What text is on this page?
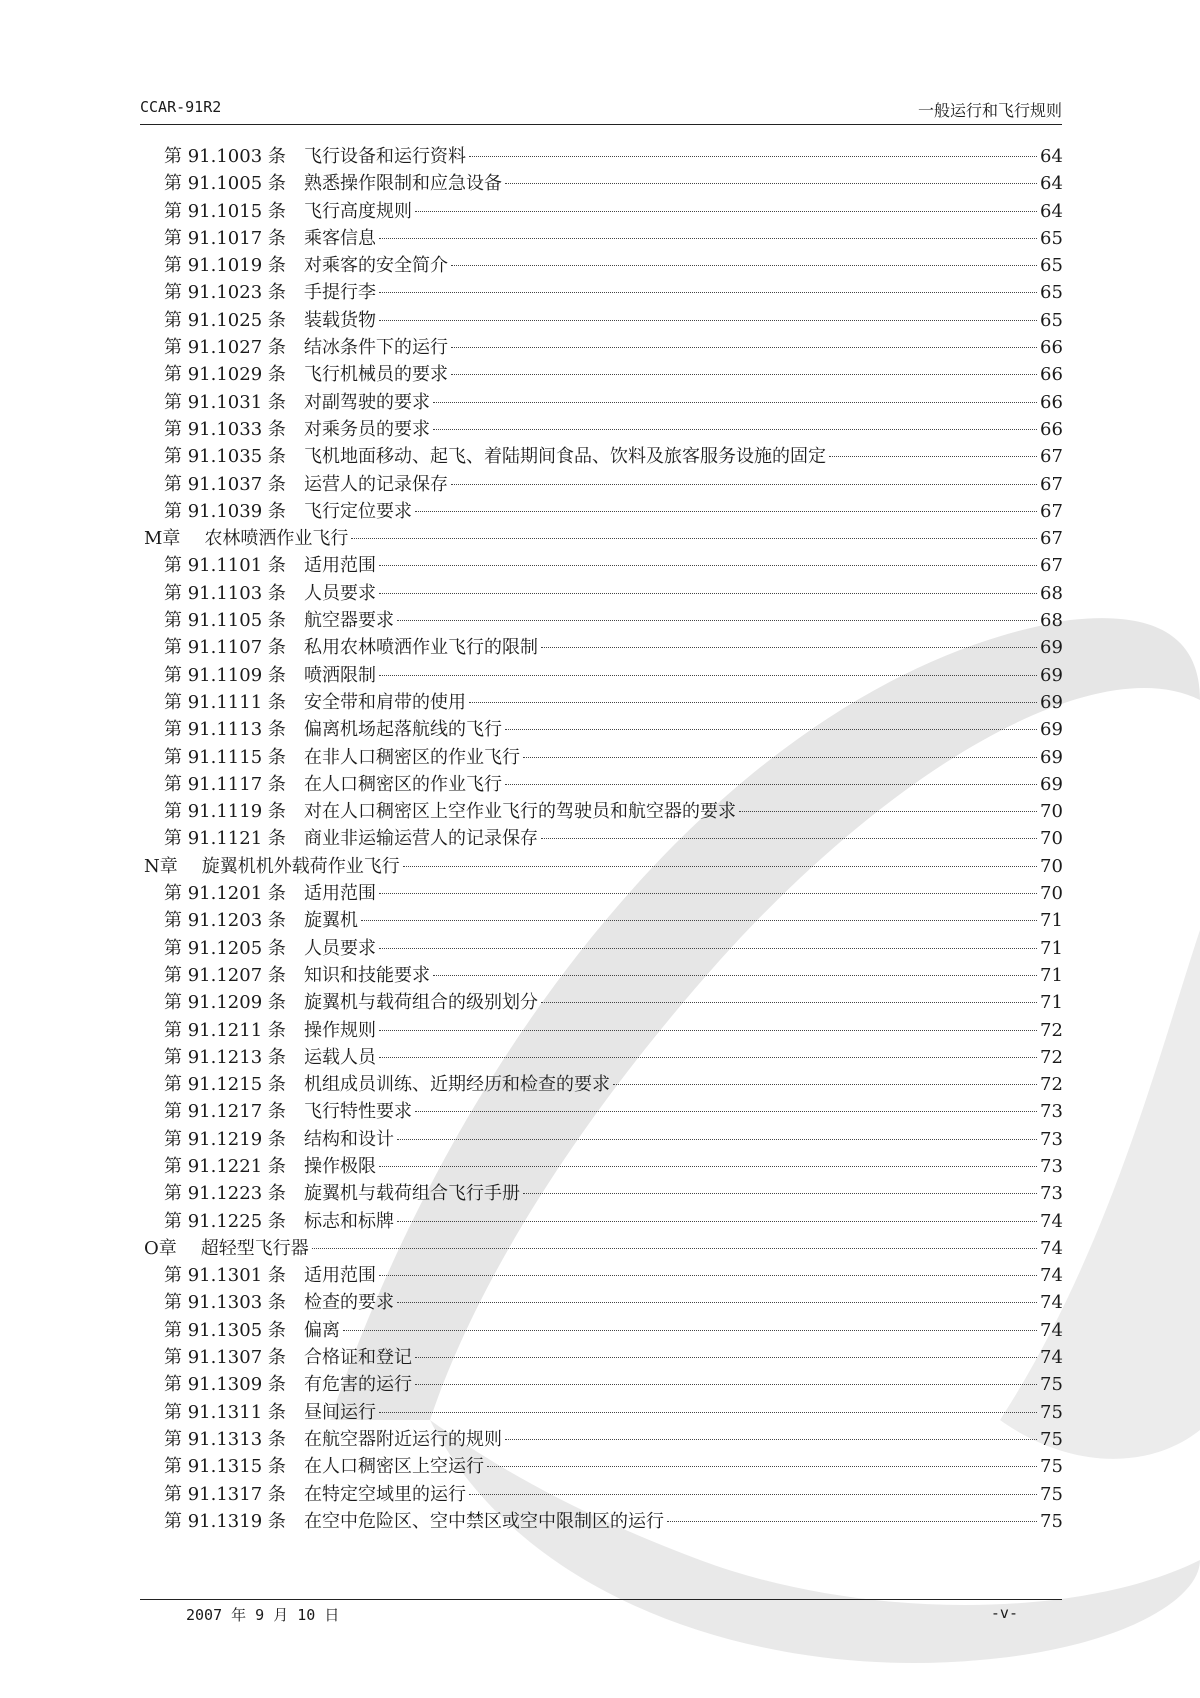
CCAR-91R2	一般运行和飞行规则
第 91.1003 条	飞行设备和运行资料	64
第 91.1005 条	熟悉操作限制和应急设备	64
第 91.1015 条	飞行高度规则	64
第 91.1017 条	乘客信息	65
第 91.1019 条	对乘客的安全简介	65
第 91.1023 条	手提行李	65
第 91.1025 条	装载货物	65
第 91.1027 条	结冰条件下的运行	66
第 91.1029 条	飞行机械员的要求	66
第 91.1031 条	对副驾驶的要求	66
第 91.1033 条	对乘务员的要求	66
第 91.1035 条	飞机地面移动、起飞、着陆期间食品、饮料及旅客服务设施的固定	67
第 91.1037 条	运营人的记录保存	67
第 91.1039 条	飞行定位要求	67
M章 农林喷洒作业飞行	67
第 91.1101 条	适用范围	67
第 91.1103 条	人员要求	68
第 91.1105 条	航空器要求	68
第 91.1107 条	私用农林喷洒作业飞行的限制	69
第 91.1109 条	喷洒限制	69
第 91.1111 条	安全带和肩带的使用	69
第 91.1113 条	偏离机场起落航线的飞行	69
第 91.1115 条	在非人口稠密区的作业飞行	69
第 91.1117 条	在人口稠密区的作业飞行	69
第 91.1119 条	对在人口稠密区上空作业飞行的驾驶员和航空器的要求	70
第 91.1121 条	商业非运输运营人的记录保存	70
N章 旋翼机机外载荷作业飞行	70
第 91.1201 条	适用范围	70
第 91.1203 条	旋翼机	71
第 91.1205 条	人员要求	71
第 91.1207 条	知识和技能要求	71
第 91.1209 条	旋翼机与载荷组合的级别划分	71
第 91.1211 条	操作规则	72
第 91.1213 条	运载人员	72
第 91.1215 条	机组成员训练、近期经历和检查的要求	72
第 91.1217 条	飞行特性要求	73
第 91.1219 条	结构和设计	73
第 91.1221 条	操作极限	73
第 91.1223 条	旋翼机与载荷组合飞行手册	73
第 91.1225 条	标志和标牌	74
O章 超轻型飞行器	74
第 91.1301 条	适用范围	74
第 91.1303 条	检查的要求	74
第 91.1305 条	偏离	74
第 91.1307 条	合格证和登记	74
第 91.1309 条	有危害的运行	75
第 91.1311 条	昼间运行	75
第 91.1313 条	在航空器附近运行的规则	75
第 91.1315 条	在人口稠密区上空运行	75
第 91.1317 条	在特定空域里的运行	75
第 91.1319 条	在空中危险区、空中禁区或空中限制区的运行	75
2007 年 9 月 10 日	-v-
